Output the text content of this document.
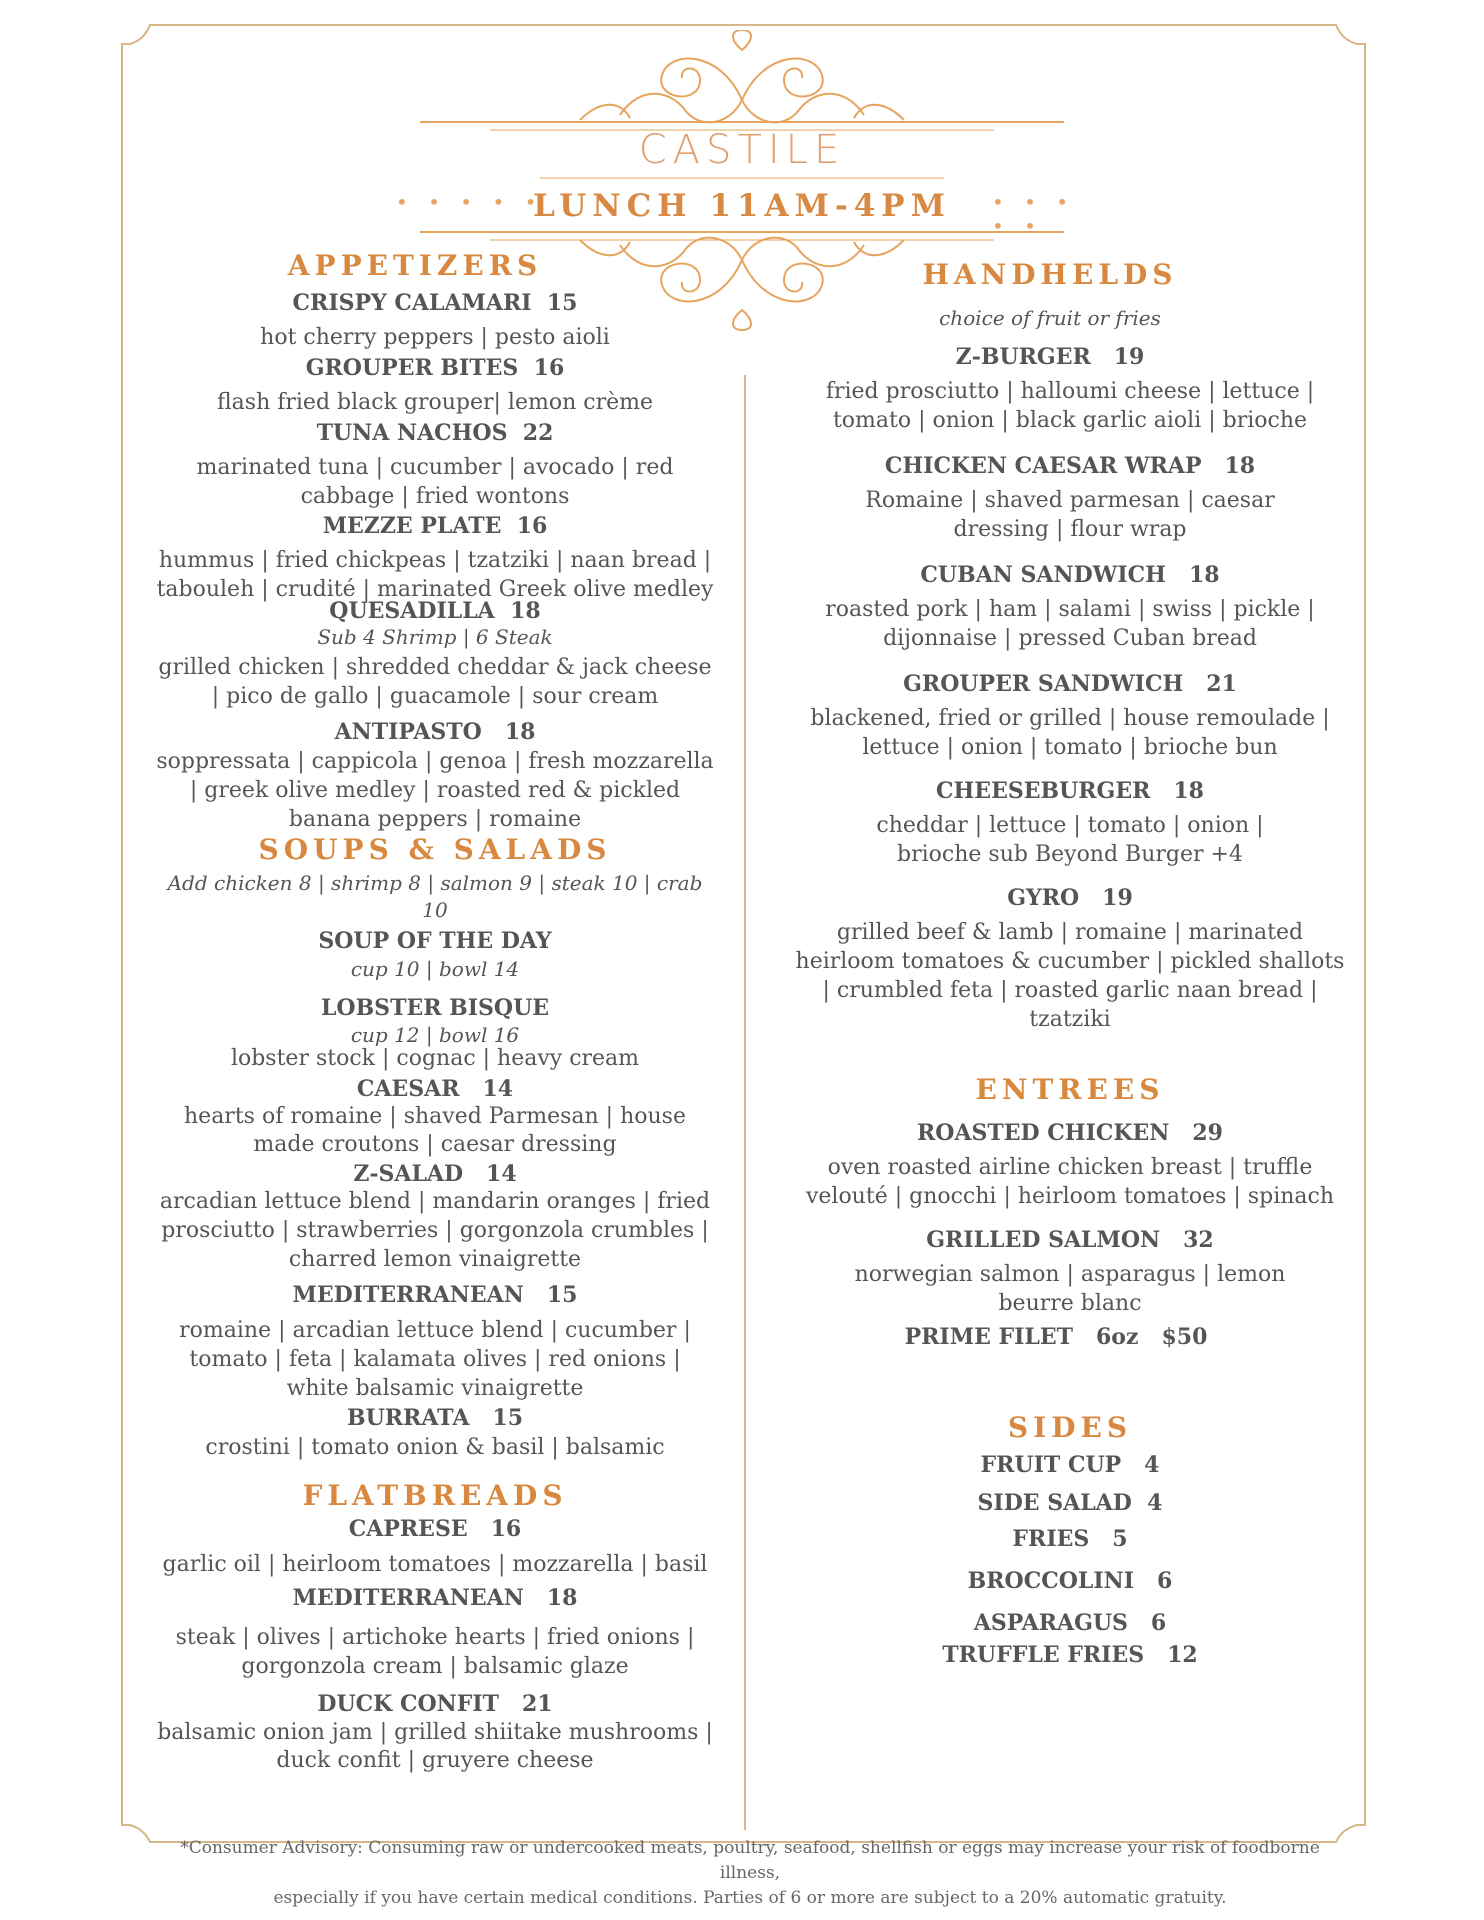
CASTILE
LUNCH 11AM-4PM
• • • • •	• • • • •

APPETIZERS

CRISPY CALAMARI  15

hot cherry peppers | pesto aioli

GROUPER BITES  16

flash fried black grouper| lemon crème

TUNA NACHOS  22

marinated tuna | cucumber | avocado | red cabbage | fried wontons

MEZZE PLATE  16

hummus | fried chickpeas | tzatziki | naan bread | tabouleh | crudité | marinated Greek olive medley

QUESADILLA  18

Sub 4 Shrimp | 6 Steak

grilled chicken | shredded cheddar & jack cheese | pico de gallo | guacamole | sour cream

ANTIPASTO   18

soppressata | cappicola | genoa | fresh mozzarella | greek olive medley | roasted red & pickled banana peppers | romaine

SOUPS & SALADS

Add chicken 8 | shrimp 8 | salmon 9 | steak 10 | crab 10

SOUP OF THE DAY

cup 10 | bowl 14

LOBSTER BISQUE

cup 12 | bowl 16

lobster stock | cognac | heavy cream

CAESAR   14

hearts of romaine | shaved Parmesan | house made croutons | caesar dressing

Z-SALAD   14

arcadian lettuce blend | mandarin oranges | fried prosciutto | strawberries | gorgonzola crumbles | charred lemon vinaigrette

MEDITERRANEAN   15

romaine | arcadian lettuce blend | cucumber | tomato | feta | kalamata olives | red onions | white balsamic vinaigrette

BURRATA   15

crostini | tomato onion & basil | balsamic

FLATBREADS

CAPRESE   16

garlic oil | heirloom tomatoes | mozzarella | basil

MEDITERRANEAN   18

steak | olives | artichoke hearts | fried onions | gorgonzola cream | balsamic glaze

DUCK CONFIT   21

balsamic onion jam | grilled shiitake mushrooms | duck confit | gruyere cheese

HANDHELDS

choice of fruit or fries

Z-BURGER   19

fried prosciutto | halloumi cheese | lettuce | tomato | onion | black garlic aioli | brioche

CHICKEN CAESAR WRAP   18

Romaine | shaved parmesan | caesar dressing | flour wrap

CUBAN SANDWICH   18

roasted pork | ham | salami | swiss | pickle | dijonnaise | pressed Cuban bread

GROUPER SANDWICH   21

blackened, fried or grilled | house remoulade | lettuce | onion | tomato | brioche bun

CHEESEBURGER   18

cheddar | lettuce | tomato | onion | brioche sub Beyond Burger +4

GYRO   19

grilled beef & lamb | romaine | marinated heirloom tomatoes & cucumber | pickled shallots | crumbled feta | roasted garlic naan bread | tzatziki

ENTREES

ROASTED CHICKEN   29

oven roasted airline chicken breast | truffle velouté | gnocchi | heirloom tomatoes | spinach

GRILLED SALMON   32

norwegian salmon | asparagus | lemon beurre blanc

PRIME FILET   6oz   $50

SIDES

FRUIT CUP   4

SIDE SALAD  4

FRIES   5

BROCCOLINI   6

ASPARAGUS   6

TRUFFLE FRIES   12

*Consumer Advisory: Consuming raw or undercooked meats, poultry, seafood, shellfish or eggs may increase your risk of foodborne illness,
especially if you have certain medical conditions. Parties of 6 or more are subject to a 20% automatic gratuity.
